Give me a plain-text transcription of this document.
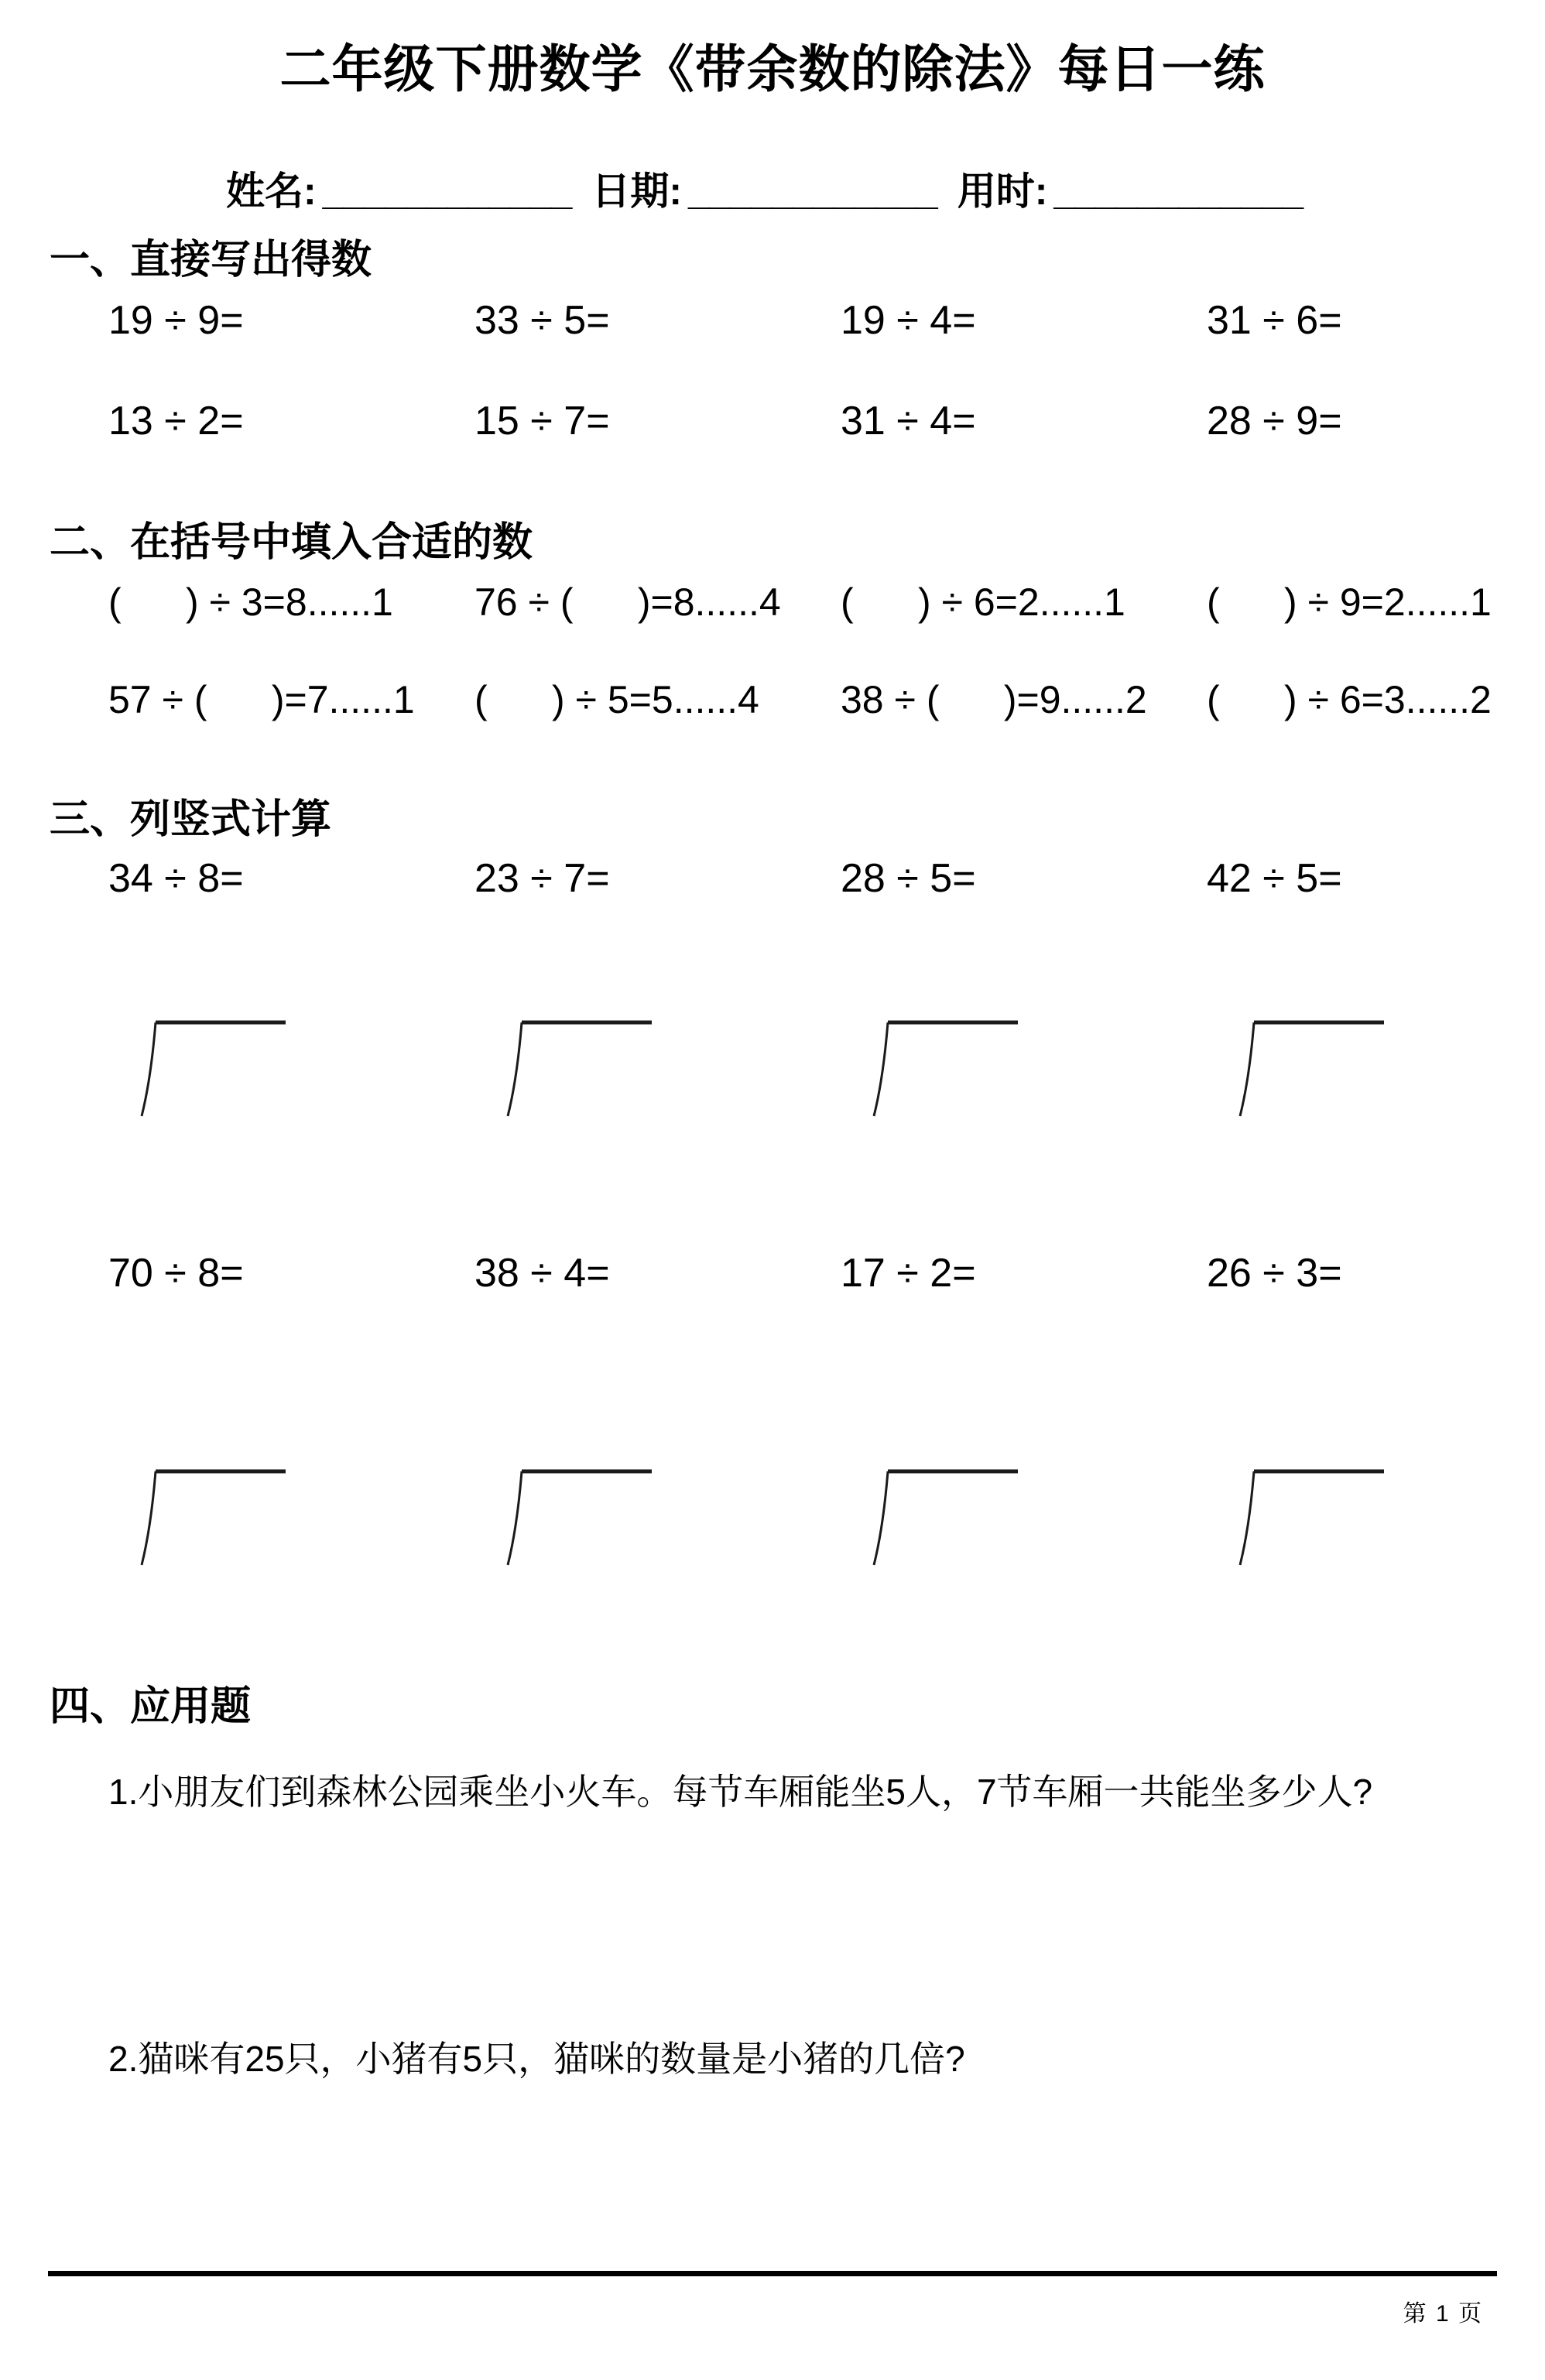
二年级下册数学《带余数的除法》每日一练
姓名: ____________ 日期: ____________ 用时: ____________
一、直接写出得数
19 ÷ 9=	33 ÷ 5=	19 ÷ 4=	31 ÷ 6=
13 ÷ 2=	15 ÷ 7=	31 ÷ 4=	28 ÷ 9=
二、在括号中填入合适的数
(      ) ÷ 3=8......1	76 ÷ (      )=8......4	(      ) ÷ 6=2......1	(      ) ÷ 9=2......1
57 ÷ (      )=7......1	(      ) ÷ 5=5......4	38 ÷ (      )=9......2	(      ) ÷ 6=3......2
三、列竖式计算
34 ÷ 8=	23 ÷ 7=	28 ÷ 5=	42 ÷ 5=
70 ÷ 8=	38 ÷ 4=	17 ÷ 2=	26 ÷ 3=
四、应用题
1.小朋友们到森林公园乘坐小火车。每节车厢能坐5人，7节车厢一共能坐多少人?
2.猫咪有25只，小猪有5只，猫咪的数量是小猪的几倍?
第 1 页
